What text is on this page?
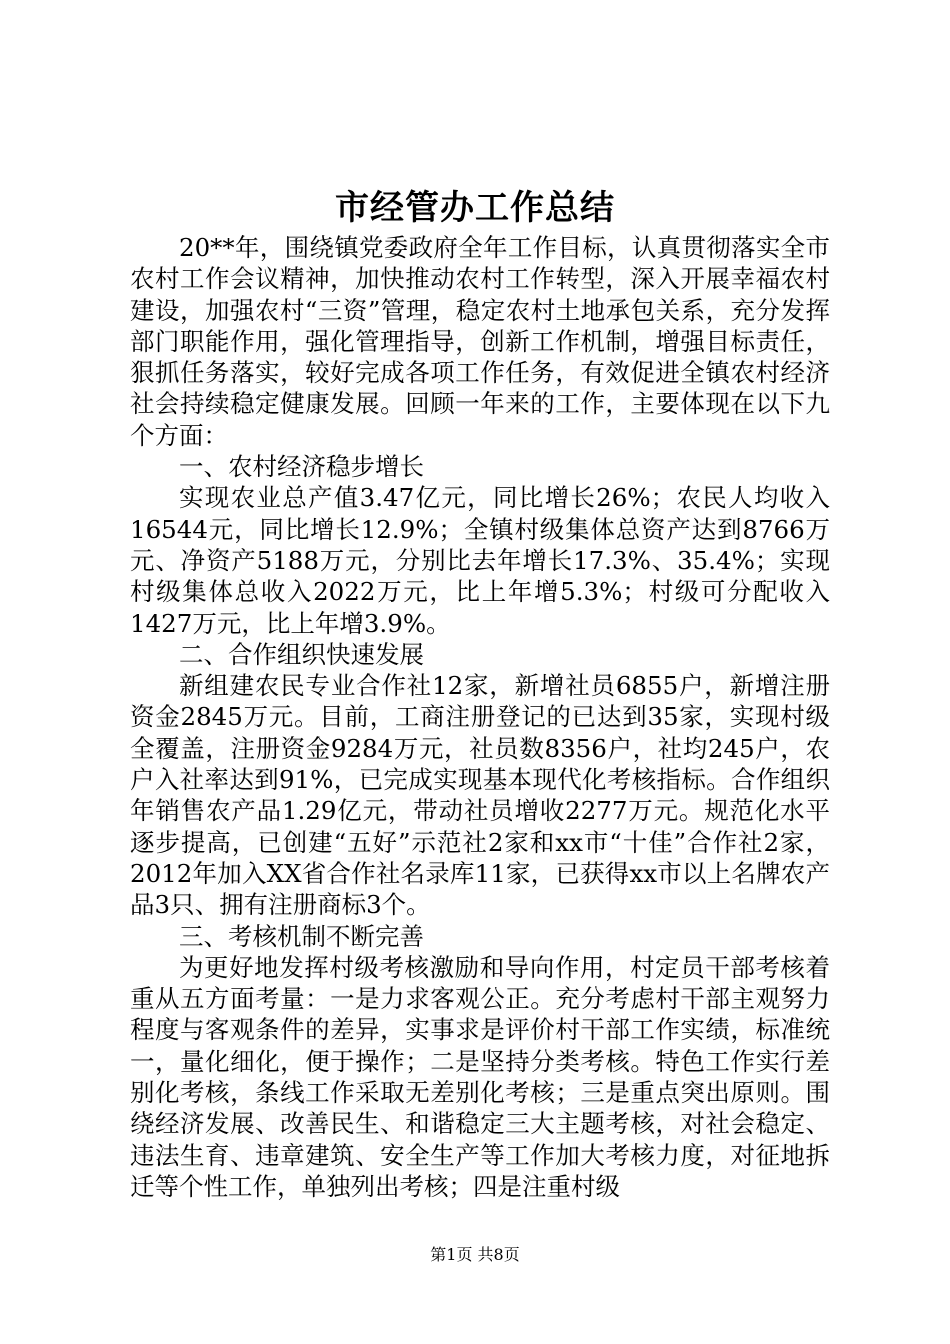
市经管办工作总结

20**年，围绕镇党委政府全年工作目标，认真贯彻落实全市农村工作会议精神，加快推动农村工作转型，深入开展幸福农村建设，加强农村“三资”管理，稳定农村土地承包关系，充分发挥部门职能作用，强化管理指导，创新工作机制，增强目标责任，狠抓任务落实，较好完成各项工作任务，有效促进全镇农村经济社会持续稳定健康发展。回顾一年来的工作，主要体现在以下九个方面：

一、农村经济稳步增长

实现农业总产值3.47亿元，同比增长26%；农民人均收入16544元，同比增长12.9%；全镇村级集体总资产达到8766万元、净资产5188万元，分别比去年增长17.3%、35.4%；实现村级集体总收入2022万元，比上年增5.3%；村级可分配收入1427万元，比上年增3.9%。

二、合作组织快速发展

新组建农民专业合作社12家，新增社员6855户，新增注册资金2845万元。目前，工商注册登记的已达到35家，实现村级全覆盖，注册资金9284万元，社员数8356户，社均245户，农户入社率达到91%，已完成实现基本现代化考核指标。合作组织年销售农产品1.29亿元，带动社员增收2277万元。规范化水平逐步提高，已创建“五好”示范社2家和xx市“十佳”合作社2家，2012年加入XX省合作社名录库11家，已获得xx市以上名牌农产品3只、拥有注册商标3个。

三、考核机制不断完善

为更好地发挥村级考核激励和导向作用，村定员干部考核着重从五方面考量：一是力求客观公正。充分考虑村干部主观努力程度与客观条件的差异，实事求是评价村干部工作实绩，标准统一，量化细化，便于操作；二是坚持分类考核。特色工作实行差别化考核，条线工作采取无差别化考核；三是重点突出原则。围绕经济发展、改善民生、和谐稳定三大主题考核，对社会稳定、违法生育、违章建筑、安全生产等工作加大考核力度，对征地拆迁等个性工作，单独列出考核；四是注重村级

第1页 共8页
